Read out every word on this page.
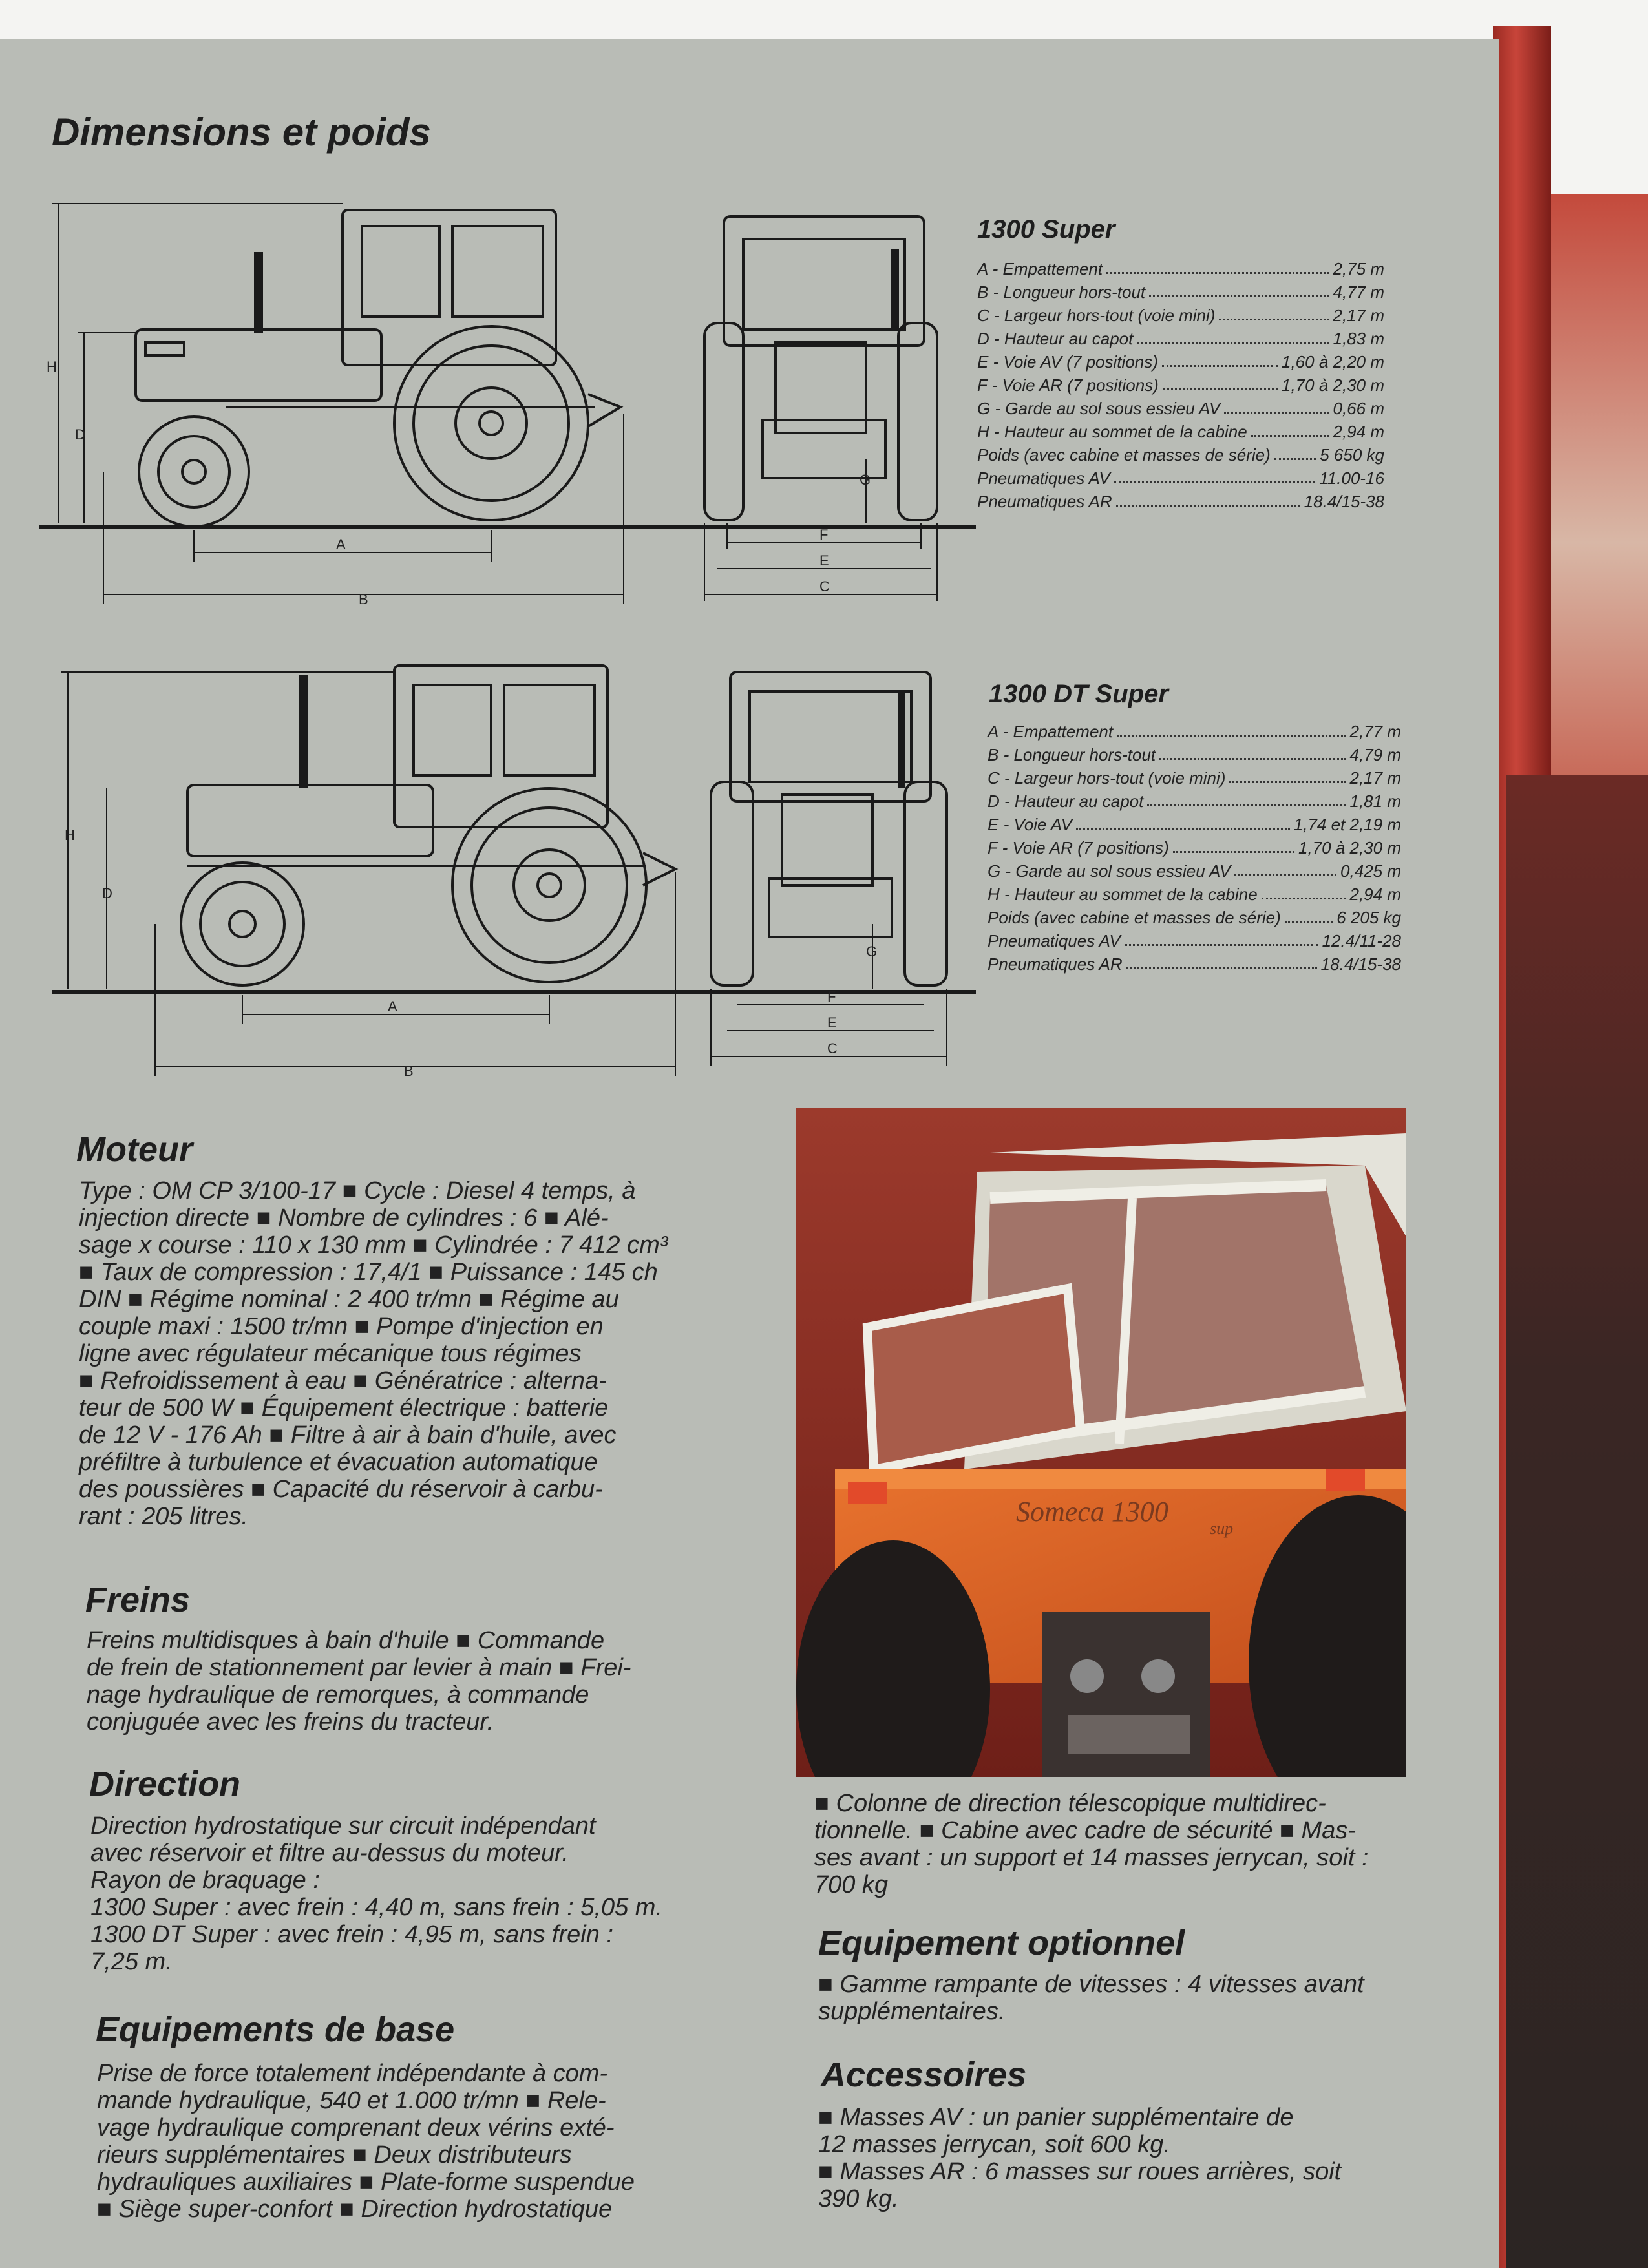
Dimensions et poids
H
D
A
B
F
E
C
G
1300 Super
A - Empattement	2,75 m
B - Longueur hors-tout	4,77 m
C - Largeur hors-tout (voie mini)	2,17 m
D - Hauteur au capot	1,83 m
E - Voie AV (7 positions)	1,60 à 2,20 m
F - Voie AR (7 positions)	1,70 à 2,30 m
G - Garde au sol sous essieu AV	0,66 m
H - Hauteur au sommet de la cabine	2,94 m
Poids (avec cabine et masses de série)	5 650 kg
Pneumatiques AV	11.00-16
Pneumatiques AR	18.4/15-38
H
D
A
B
F
E
C
G
1300 DT Super
A - Empattement	2,77 m
B - Longueur hors-tout	4,79 m
C - Largeur hors-tout (voie mini)	2,17 m
D - Hauteur au capot	1,81 m
E - Voie AV	1,74 et 2,19 m
F - Voie AR (7 positions)	1,70 à 2,30 m
G - Garde au sol sous essieu AV	0,425 m
H - Hauteur au sommet de la cabine	2,94 m
Poids (avec cabine et masses de série)	6 205 kg
Pneumatiques AV	12.4/11-28
Pneumatiques AR	18.4/15-38
Moteur

Type : OM CP 3/100-17 ■ Cycle : Diesel 4 temps, à

injection directe ■ Nombre de cylindres : 6 ■ Alé-

sage x course : 110 x 130 mm ■ Cylindrée : 7 412 cm³

■ Taux de compression : 17,4/1 ■ Puissance : 145 ch

DIN ■ Régime nominal : 2 400 tr/mn ■ Régime au

couple maxi : 1500 tr/mn ■ Pompe d'injection en

ligne avec régulateur mécanique tous régimes

■ Refroidissement à eau ■ Génératrice : alterna-

teur de 500 W ■ Équipement électrique : batterie

de 12 V - 176 Ah ■ Filtre à air à bain d'huile, avec

préfiltre à turbulence et évacuation automatique

des poussières ■ Capacité du réservoir à carbu-

rant : 205 litres.

Freins

Freins multidisques à bain d'huile ■ Commande

de frein de stationnement par levier à main ■ Frei-

nage hydraulique de remorques, à commande

conjuguée avec les freins du tracteur.

Direction

Direction hydrostatique sur circuit indépendant

avec réservoir et filtre au-dessus du moteur.

Rayon de braquage :

1300 Super : avec frein : 4,40 m, sans frein : 5,05 m.

1300 DT Super : avec frein : 4,95 m, sans frein :

7,25 m.

Equipements de base

Prise de force totalement indépendante à com-

mande hydraulique, 540 et 1.000 tr/mn ■ Rele-

vage hydraulique comprenant deux vérins exté-

rieurs supplémentaires ■ Deux distributeurs

hydrauliques auxiliaires ■ Plate-forme suspendue

■ Siège super-confort ■ Direction hydrostatique

Someca 1300
sup

■ Colonne de direction télescopique multidirec-

tionnelle. ■ Cabine avec cadre de sécurité ■ Mas-

ses avant : un support et 14 masses jerrycan, soit :

700 kg

Equipement optionnel

■ Gamme rampante de vitesses : 4 vitesses avant

supplémentaires.

Accessoires

■ Masses AV : un panier supplémentaire de

12 masses jerrycan, soit 600 kg.

■ Masses AR : 6 masses sur roues arrières, soit

390 kg.
